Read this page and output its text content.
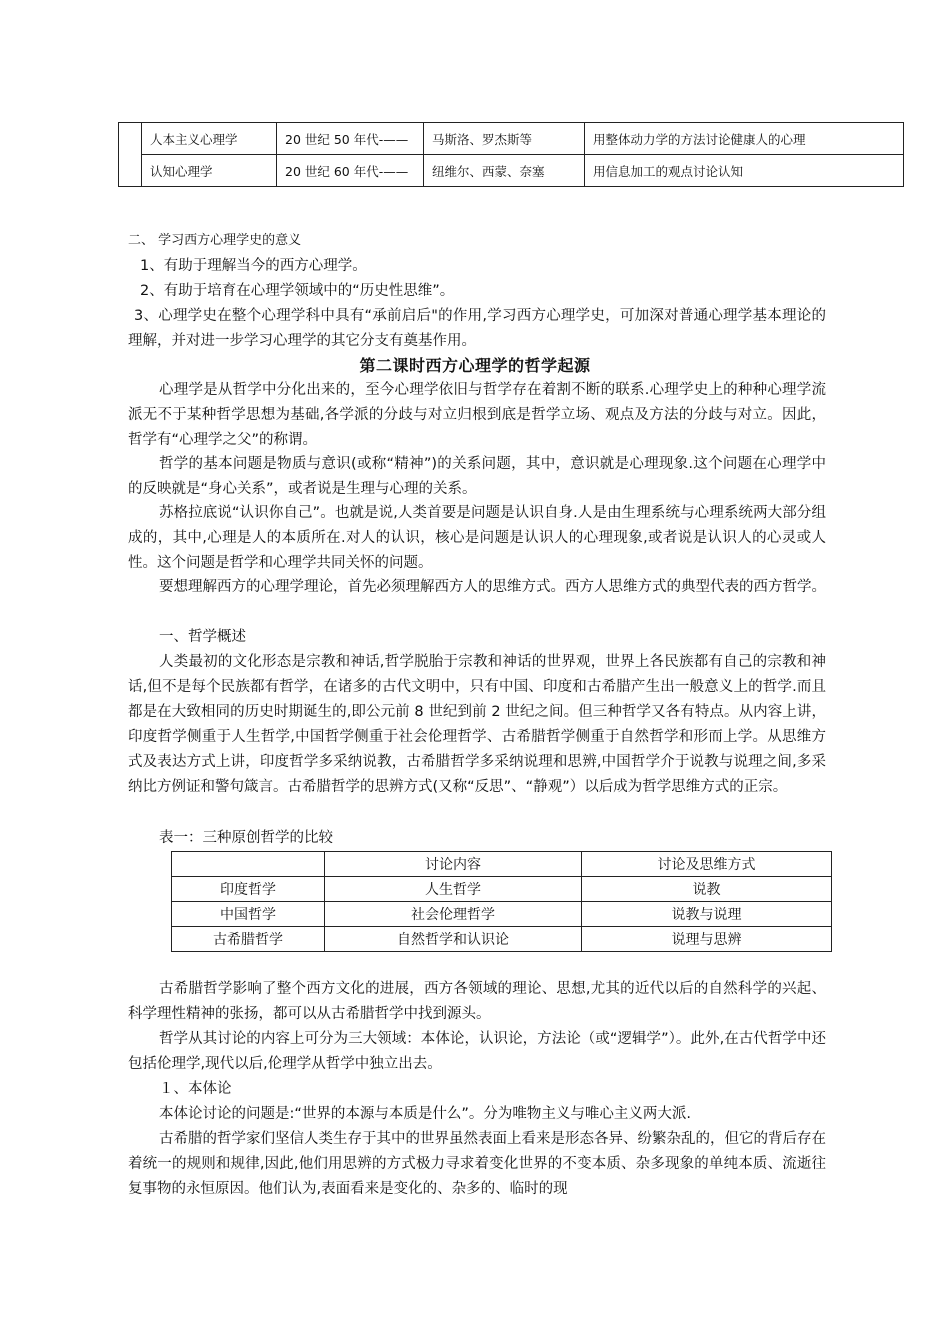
	人本主义心理学	20 世纪 50 年代-——	马斯洛、罗杰斯等	用整体动力学的方法讨论健康人的心理
	认知心理学	20 世纪 60 年代-——	纽维尔、西蒙、奈塞	用信息加工的观点讨论认知
二、 学习西方心理学史的意义
1、有助于理解当今的西方心理学。
2、有助于培育在心理学领域中的“历史性思维”。
3、心理学史在整个心理学科中具有“承前启后"的作用,学习西方心理学史，可加深对普通心理学基本理论的理解，并对进一步学习心理学的其它分支有奠基作用。
第二课时西方心理学的哲学起源
心理学是从哲学中分化出来的，至今心理学依旧与哲学存在着割不断的联系.心理学史上的种种心理学流派无不于某种哲学思想为基础,各学派的分歧与对立归根到底是哲学立场、观点及方法的分歧与对立。因此，哲学有“心理学之父”的称谓。
哲学的基本问题是物质与意识(或称“精神”)的关系问题，其中，意识就是心理现象.这个问题在心理学中的反映就是“身心关系”，或者说是生理与心理的关系。
苏格拉底说“认识你自己”。也就是说,人类首要是问题是认识自身.人是由生理系统与心理系统两大部分组成的，其中,心理是人的本质所在.对人的认识，核心是问题是认识人的心理现象,或者说是认识人的心灵或人性。这个问题是哲学和心理学共同关怀的问题。
要想理解西方的心理学理论，首先必须理解西方人的思维方式。西方人思维方式的典型代表的西方哲学。
一、哲学概述
人类最初的文化形态是宗教和神话,哲学脱胎于宗教和神话的世界观，世界上各民族都有自己的宗教和神话,但不是每个民族都有哲学，在诸多的古代文明中，只有中国、印度和古希腊产生出一般意义上的哲学.而且都是在大致相同的历史时期诞生的,即公元前 8 世纪到前 2 世纪之间。但三种哲学又各有特点。从内容上讲，印度哲学侧重于人生哲学,中国哲学侧重于社会伦理哲学、古希腊哲学侧重于自然哲学和形而上学。从思维方式及表达方式上讲，印度哲学多采纳说教，古希腊哲学多采纳说理和思辨,中国哲学介于说教与说理之间,多采纳比方例证和警句箴言。古希腊哲学的思辨方式(又称“反思”、“静观”）以后成为哲学思维方式的正宗。
表一：三种原创哲学的比较
	讨论内容	讨论及思维方式
印度哲学	人生哲学	说教
中国哲学	社会伦理哲学	说教与说理
古希腊哲学	自然哲学和认识论	说理与思辨
古希腊哲学影响了整个西方文化的进展，西方各领域的理论、思想,尤其的近代以后的自然科学的兴起、科学理性精神的张扬，都可以从古希腊哲学中找到源头。
哲学从其讨论的内容上可分为三大领域：本体论，认识论，方法论（或“逻辑学”）。此外,在古代哲学中还包括伦理学,现代以后,伦理学从哲学中独立出去。
１、本体论
本体论讨论的问题是:“世界的本源与本质是什么”。分为唯物主义与唯心主义两大派.
古希腊的哲学家们坚信人类生存于其中的世界虽然表面上看来是形态各异、纷繁杂乱的，但它的背后存在着统一的规则和规律,因此,他们用思辨的方式极力寻求着变化世界的不变本质、杂多现象的单纯本质、流逝往复事物的永恒原因。他们认为,表面看来是变化的、杂多的、临时的现
